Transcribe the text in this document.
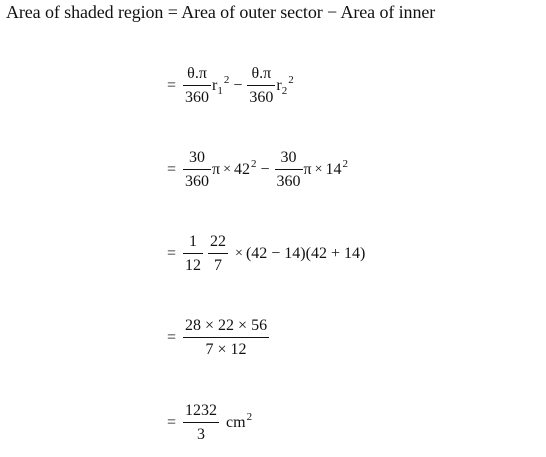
Area of shaded region = Area of outer sector − Area of inner
= $\frac{\theta.\pi}{360} r_1^2 - \frac{\theta.\pi}{360} r_2^2$
= $\frac{30}{360}$ $\pi \times 42^2 - \frac{30}{360}$ $\pi \times 14^2$
= $\frac{1}{12} \frac{22}{7} \times (42 - 14)(42 + 14)$
= $\frac{28 \times 22 \times 56}{7 \times 12}$
= $\frac{1232}{3} cm^2$
